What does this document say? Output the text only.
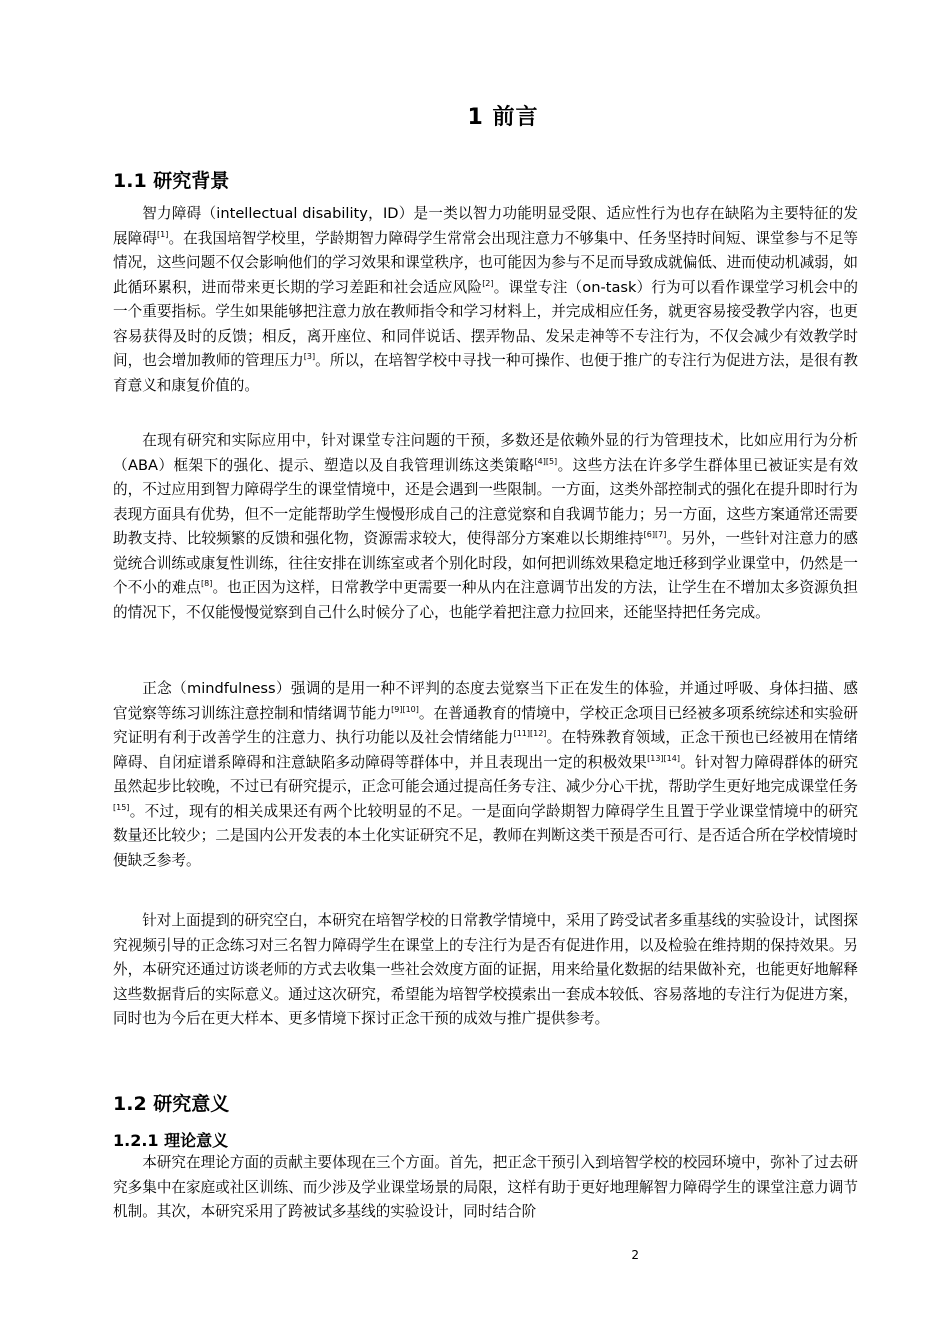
1 前言
1.1 研究背景

智力障碍（intellectual disability，ID）是一类以智力功能明显受限、适应性行为也存在缺陷为主要特征的发展障碍[1]。在我国培智学校里，学龄期智力障碍学生常常会出现注意力不够集中、任务坚持时间短、课堂参与不足等情况，这些问题不仅会影响他们的学习效果和课堂秩序，也可能因为参与不足而导致成就偏低、进而使动机减弱，如此循环累积，进而带来更长期的学习差距和社会适应风险[2]。课堂专注（on-task）行为可以看作课堂学习机会中的一个重要指标。学生如果能够把注意力放在教师指令和学习材料上，并完成相应任务，就更容易接受教学内容，也更容易获得及时的反馈；相反，离开座位、和同伴说话、摆弄物品、发呆走神等不专注行为，不仅会减少有效教学时间，也会增加教师的管理压力[3]。所以，在培智学校中寻找一种可操作、也便于推广的专注行为促进方法，是很有教育意义和康复价值的。

在现有研究和实际应用中，针对课堂专注问题的干预，多数还是依赖外显的行为管理技术，比如应用行为分析（ABA）框架下的强化、提示、塑造以及自我管理训练这类策略[4][5]。这些方法在许多学生群体里已被证实是有效的，不过应用到智力障碍学生的课堂情境中，还是会遇到一些限制。一方面，这类外部控制式的强化在提升即时行为表现方面具有优势，但不一定能帮助学生慢慢形成自己的注意觉察和自我调节能力；另一方面，这些方案通常还需要助教支持、比较频繁的反馈和强化物，资源需求较大，使得部分方案难以长期维持[6][7]。另外，一些针对注意力的感觉统合训练或康复性训练，往往安排在训练室或者个别化时段，如何把训练效果稳定地迁移到学业课堂中，仍然是一个不小的难点[8]。也正因为这样，日常教学中更需要一种从内在注意调节出发的方法，让学生在不增加太多资源负担的情况下，不仅能慢慢觉察到自己什么时候分了心，也能学着把注意力拉回来，还能坚持把任务完成。

正念（mindfulness）强调的是用一种不评判的态度去觉察当下正在发生的体验，并通过呼吸、身体扫描、感官觉察等练习训练注意控制和情绪调节能力[9][10]。在普通教育的情境中，学校正念项目已经被多项系统综述和实验研究证明有利于改善学生的注意力、执行功能以及社会情绪能力[11][12]。在特殊教育领域，正念干预也已经被用在情绪障碍、自闭症谱系障碍和注意缺陷多动障碍等群体中，并且表现出一定的积极效果[13][14]。针对智力障碍群体的研究虽然起步比较晚，不过已有研究提示，正念可能会通过提高任务专注、减少分心干扰，帮助学生更好地完成课堂任务[15]。不过，现有的相关成果还有两个比较明显的不足。一是面向学龄期智力障碍学生且置于学业课堂情境中的研究数量还比较少；二是国内公开发表的本土化实证研究不足，教师在判断这类干预是否可行、是否适合所在学校情境时便缺乏参考。

针对上面提到的研究空白，本研究在培智学校的日常教学情境中，采用了跨受试者多重基线的实验设计，试图探究视频引导的正念练习对三名智力障碍学生在课堂上的专注行为是否有促进作用，以及检验在维持期的保持效果。另外，本研究还通过访谈老师的方式去收集一些社会效度方面的证据，用来给量化数据的结果做补充，也能更好地解释这些数据背后的实际意义。通过这次研究，希望能为培智学校摸索出一套成本较低、容易落地的专注行为促进方案，同时也为今后在更大样本、更多情境下探讨正念干预的成效与推广提供参考。

1.2 研究意义
1.2.1 理论意义

本研究在理论方面的贡献主要体现在三个方面。首先，把正念干预引入到培智学校的校园环境中，弥补了过去研究多集中在家庭或社区训练、而少涉及学业课堂场景的局限，这样有助于更好地理解智力障碍学生的课堂注意力调节机制。其次，本研究采用了跨被试多基线的实验设计，同时结合阶

2
